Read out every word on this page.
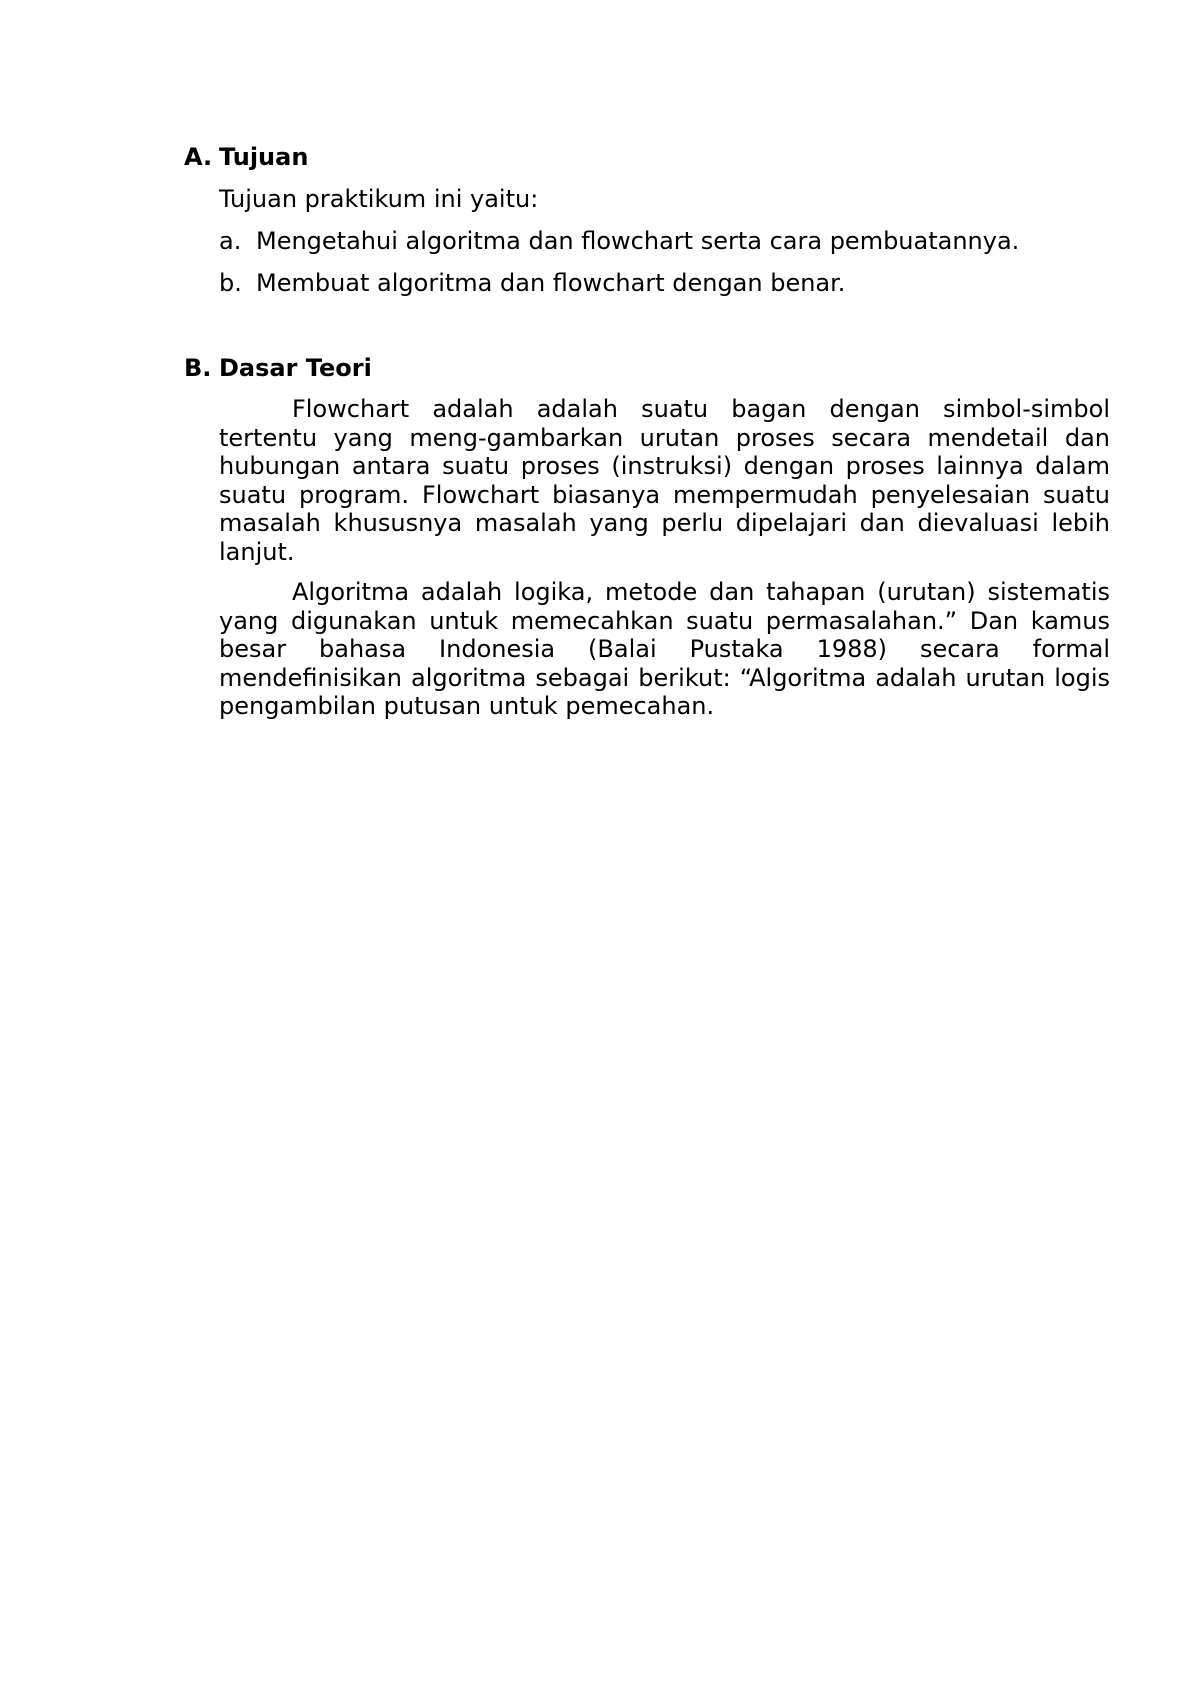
A. Tujuan
Tujuan praktikum ini yaitu:
a. Mengetahui algoritma dan flowchart serta cara pembuatannya.
b. Membuat algoritma dan flowchart dengan benar.
B. Dasar Teori

Flowchart adalah adalah suatu bagan dengan simbol-simbol tertentu yang meng-gambarkan urutan proses secara mendetail dan hubungan antara suatu proses (instruksi) dengan proses lainnya dalam suatu program. Flowchart biasanya mempermudah penyelesaian suatu masalah khususnya masalah yang perlu dipelajari dan dievaluasi lebih lanjut.

Algoritma adalah logika, metode dan tahapan (urutan) sistematis yang digunakan untuk memecahkan suatu permasalahan.” Dan kamus besar bahasa Indonesia (Balai Pustaka 1988) secara formal mendefinisikan algoritma sebagai berikut: “Algoritma adalah urutan logis pengambilan putusan untuk pemecahan.
